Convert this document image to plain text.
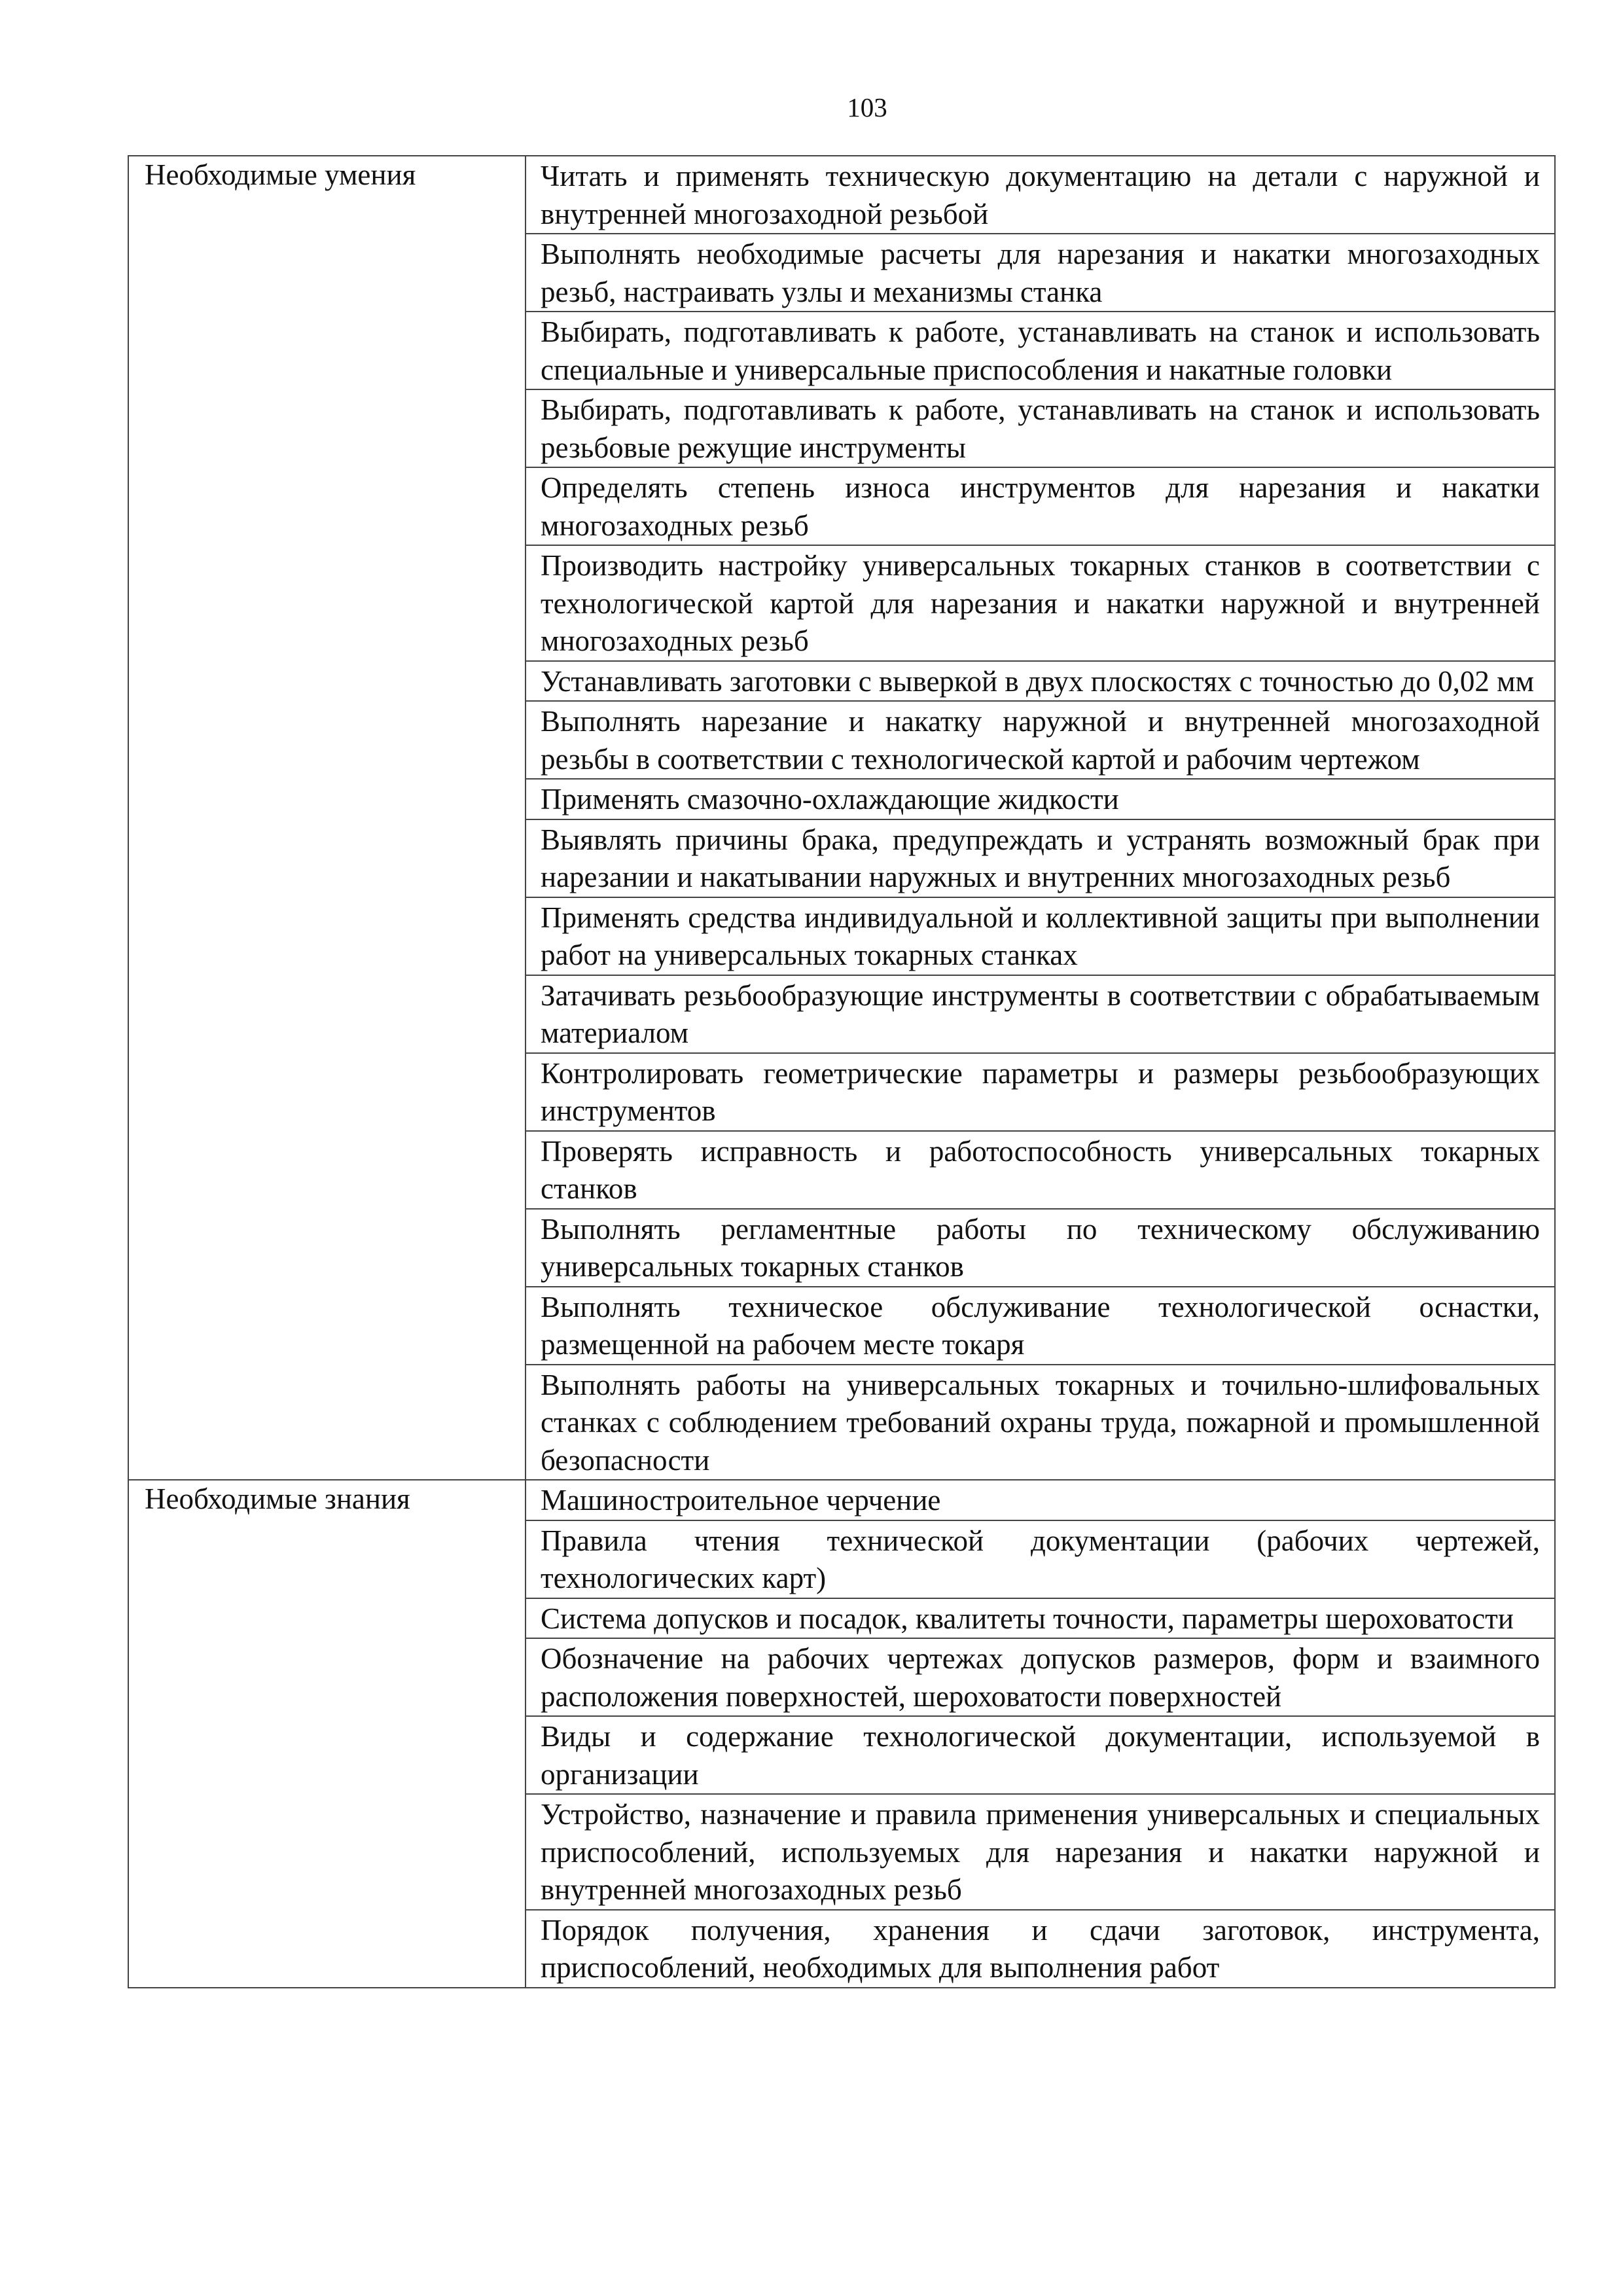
103
Необходимые умения	Читать и применять техническую документацию на детали с наружной и внутренней многозаходной резьбой
	Выполнять необходимые расчеты для нарезания и накатки многозаходных резьб, настраивать узлы и механизмы станка
	Выбирать, подготавливать к работе, устанавливать на станок и использовать специальные и универсальные приспособления и накатные головки
	Выбирать, подготавливать к работе, устанавливать на станок и использовать резьбовые режущие инструменты
	Определять степень износа инструментов для нарезания и накатки многозаходных резьб
	Производить настройку универсальных токарных станков в соответствии с технологической картой для нарезания и накатки наружной и внутренней многозаходных резьб
	Устанавливать заготовки с выверкой в двух плоскостях с точностью до 0,02 мм
	Выполнять нарезание и накатку наружной и внутренней многозаходной резьбы в соответствии с технологической картой и рабочим чертежом
	Применять смазочно-охлаждающие жидкости
	Выявлять причины брака, предупреждать и устранять возможный брак при нарезании и накатывании наружных и внутренних многозаходных резьб
	Применять средства индивидуальной и коллективной защиты при выполнении работ на универсальных токарных станках
	Затачивать резьбообразующие инструменты в соответствии с обрабатываемым материалом
	Контролировать геометрические параметры и размеры резьбообразующих инструментов
	Проверять исправность и работоспособность универсальных токарных станков
	Выполнять регламентные работы по техническому обслуживанию универсальных токарных станков
	Выполнять техническое обслуживание технологической оснастки, размещенной на рабочем месте токаря
	Выполнять работы на универсальных токарных и точильно-шлифовальных станках с соблюдением требований охраны труда, пожарной и промышленной безопасности
Необходимые знания	Машиностроительное черчение
	Правила чтения технической документации (рабочих чертежей, технологических карт)
	Система допусков и посадок, квалитеты точности, параметры шероховатости
	Обозначение на рабочих чертежах допусков размеров, форм и взаимного расположения поверхностей, шероховатости поверхностей
	Виды и содержание технологической документации, используемой в организации
	Устройство, назначение и правила применения универсальных и специальных приспособлений, используемых для нарезания и накатки наружной и внутренней многозаходных резьб
	Порядок получения, хранения и сдачи заготовок, инструмента, приспособлений, необходимых для выполнения работ
